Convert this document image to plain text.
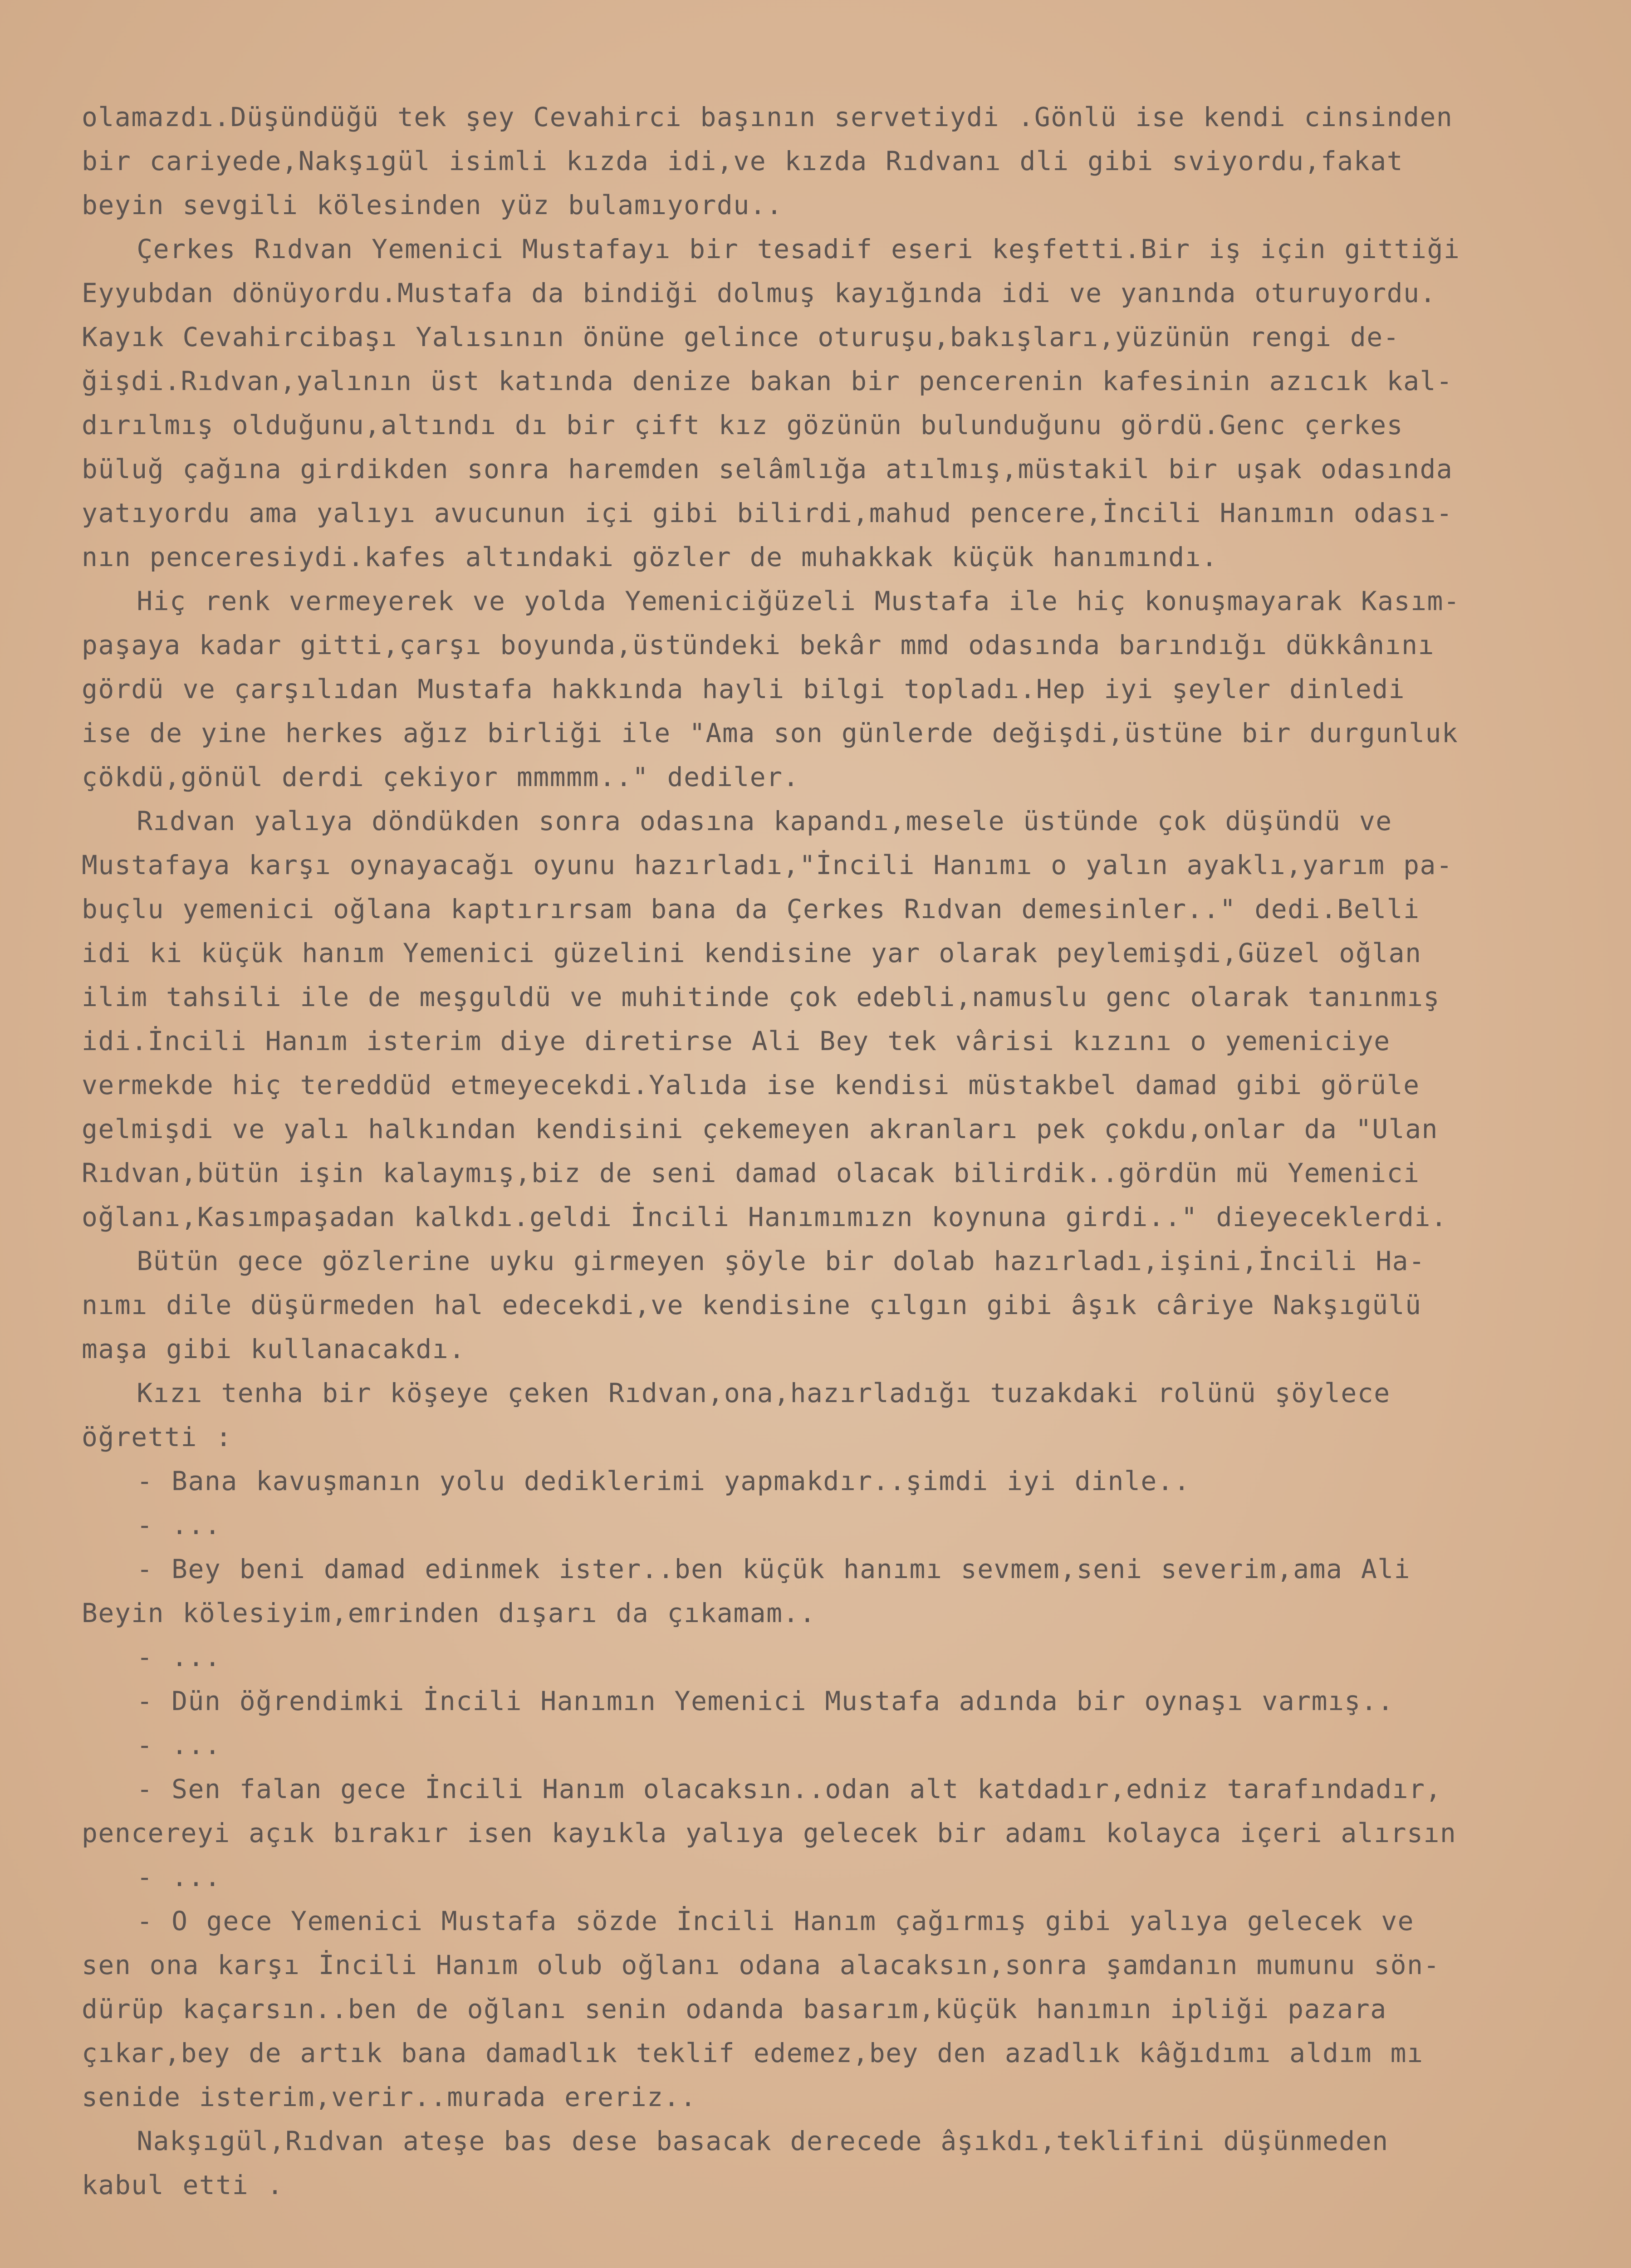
olamazdı.Düşündüğü tek şey Cevahirci başının servetiydi .Gönlü ise kendi cinsinden
bir cariyede,Nakşıgül isimli kızda idi,ve kızda Rıdvanı dli gibi sviyordu,fakat
beyin sevgili kölesinden yüz bulamıyordu..
Çerkes Rıdvan Yemenici Mustafayı bir tesadif eseri keşfetti.Bir iş için gittiği
Eyyubdan dönüyordu.Mustafa da bindiği dolmuş kayığında idi ve yanında oturuyordu.
Kayık Cevahircibaşı Yalısının önüne gelince oturuşu,bakışları,yüzünün rengi de-
ğişdi.Rıdvan,yalının üst katında denize bakan bir pencerenin kafesinin azıcık kal-
dırılmış olduğunu,altındı dı bir çift kız gözünün bulunduğunu gördü.Genc çerkes
büluğ çağına girdikden sonra haremden selâmlığa atılmış,müstakil bir uşak odasında
yatıyordu ama yalıyı avucunun içi gibi bilirdi,mahud pencere,İncili Hanımın odası-
nın penceresiydi.kafes altındaki gözler de muhakkak küçük hanımındı.
Hiç renk vermeyerek ve yolda Yemeniciğüzeli Mustafa ile hiç konuşmayarak Kasım-
paşaya kadar gitti,çarşı boyunda,üstündeki bekâr mmd odasında barındığı dükkânını
gördü ve çarşılıdan Mustafa hakkında hayli bilgi topladı.Hep iyi şeyler dinledi
ise de yine herkes ağız birliği ile "Ama son günlerde değişdi,üstüne bir durgunluk
çökdü,gönül derdi çekiyor mmmmm.." dediler.
Rıdvan yalıya döndükden sonra odasına kapandı,mesele üstünde çok düşündü ve
Mustafaya karşı oynayacağı oyunu hazırladı,"İncili Hanımı o yalın ayaklı,yarım pa-
buçlu yemenici oğlana kaptırırsam bana da Çerkes Rıdvan demesinler.." dedi.Belli
idi ki küçük hanım Yemenici güzelini kendisine yar olarak peylemişdi,Güzel oğlan
ilim tahsili ile de meşguldü ve muhitinde çok edebli,namuslu genc olarak tanınmış
idi.İncili Hanım isterim diye diretirse Ali Bey tek vârisi kızını o yemeniciye
vermekde hiç tereddüd etmeyecekdi.Yalıda ise kendisi müstakbel damad gibi görüle
gelmişdi ve yalı halkından kendisini çekemeyen akranları pek çokdu,onlar da "Ulan
Rıdvan,bütün işin kalaymış,biz de seni damad olacak bilirdik..gördün mü Yemenici
oğlanı,Kasımpaşadan kalkdı.geldi İncili Hanımımızn koynuna girdi.." dieyeceklerdi.
Bütün gece gözlerine uyku girmeyen şöyle bir dolab hazırladı,işini,İncili Ha-
nımı dile düşürmeden hal edecekdi,ve kendisine çılgın gibi âşık câriye Nakşıgülü
maşa gibi kullanacakdı.
Kızı tenha bir köşeye çeken Rıdvan,ona,hazırladığı tuzakdaki rolünü şöylece
öğretti :
- Bana kavuşmanın yolu dediklerimi yapmakdır..şimdi iyi dinle..
- ...
- Bey beni damad edinmek ister..ben küçük hanımı sevmem,seni severim,ama Ali
Beyin kölesiyim,emrinden dışarı da çıkamam..
- ...
- Dün öğrendimki İncili Hanımın Yemenici Mustafa adında bir oynaşı varmış..
- ...
- Sen falan gece İncili Hanım olacaksın..odan alt katdadır,edniz tarafındadır,
pencereyi açık bırakır isen kayıkla yalıya gelecek bir adamı kolayca içeri alırsın
- ...
- O gece Yemenici Mustafa sözde İncili Hanım çağırmış gibi yalıya gelecek ve
sen ona karşı İncili Hanım olub oğlanı odana alacaksın,sonra şamdanın mumunu sön-
dürüp kaçarsın..ben de oğlanı senin odanda basarım,küçük hanımın ipliği pazara
çıkar,bey de artık bana damadlık teklif edemez,bey den azadlık kâğıdımı aldım mı
senide isterim,verir..murada ereriz..
Nakşıgül,Rıdvan ateşe bas dese basacak derecede âşıkdı,teklifini düşünmeden
kabul etti .
